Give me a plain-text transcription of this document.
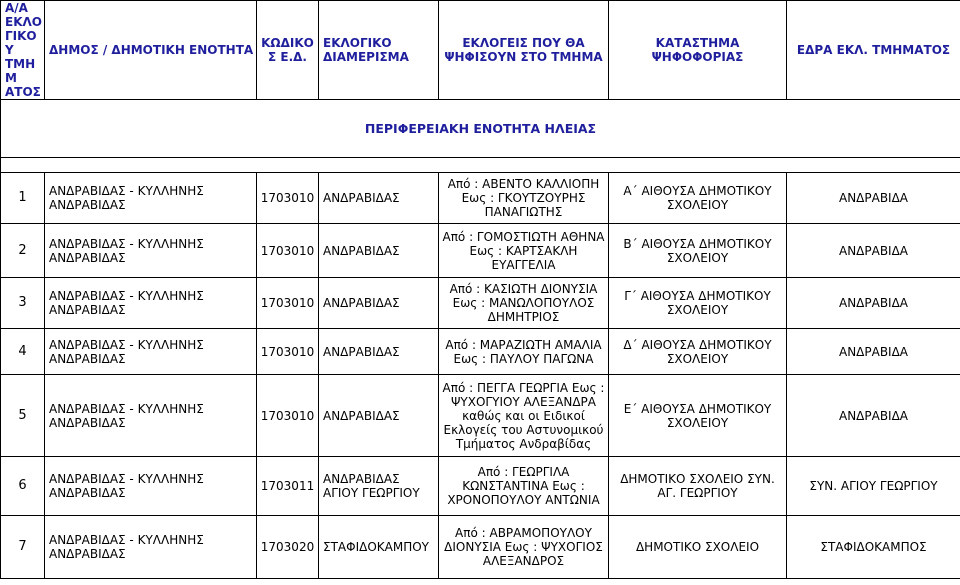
Α/Α ΕΚΛΟ ΓΙΚΟΥ ΤΜΗΜ ΑΤΟΣ	ΔΗΜΟΣ / ΔΗΜΟΤΙΚΗ ΕΝΟΤΗΤΑ	ΚΩΔΙΚΟ Σ Ε.Δ.	ΕΚΛΟΓΙΚΟ ΔΙΑΜΕΡΙΣΜΑ	ΕΚΛΟΓΕΙΣ ΠΟΥ ΘΑ ΨΗΦΙΣΟΥΝ ΣΤΟ ΤΜΗΜΑ	ΚΑΤΑΣΤΗΜΑ ΨΗΦΟΦΟΡΙΑΣ	ΕΔΡΑ ΕΚΛ. ΤΜΗΜΑΤΟΣ
ΠΕΡΙΦΕΡΕΙΑΚΗ ΕΝΟΤΗΤΑ ΗΛΕΙΑΣ						

1	ΑΝΔΡΑΒΙΔΑΣ - ΚΥΛΛΗΝΗΣ ΑΝΔΡΑΒΙΔΑΣ	1703010	ΑΝΔΡΑΒΙΔΑΣ	Από : ΑΒΕΝΤΟ ΚΑΛΛΙΟΠΗ Εως : ΓΚΟΥΤΖΟΥΡΗΣ ΠΑΝΑΓΙΩΤΗΣ	Α΄ ΑΙΘΟΥΣΑ ΔΗΜΟΤΙΚΟΥ ΣΧΟΛΕΙΟΥ	ΑΝΔΡΑΒΙΔΑ
2	ΑΝΔΡΑΒΙΔΑΣ - ΚΥΛΛΗΝΗΣ ΑΝΔΡΑΒΙΔΑΣ	1703010	ΑΝΔΡΑΒΙΔΑΣ	Από : ΓΟΜΟΣΤΙΩΤΗ ΑΘΗΝΑ Εως : ΚΑΡΤΣΑΚΛΗ ΕΥΑΓΓΕΛΙΑ	Β΄ ΑΙΘΟΥΣΑ ΔΗΜΟΤΙΚΟΥ ΣΧΟΛΕΙΟΥ	ΑΝΔΡΑΒΙΔΑ
3	ΑΝΔΡΑΒΙΔΑΣ - ΚΥΛΛΗΝΗΣ ΑΝΔΡΑΒΙΔΑΣ	1703010	ΑΝΔΡΑΒΙΔΑΣ	Από : ΚΑΣΙΩΤΗ ΔΙΟΝΥΣΙΑ Εως : ΜΑΝΩΛΟΠΟΥΛΟΣ ΔΗΜΗΤΡΙΟΣ	Γ΄ ΑΙΘΟΥΣΑ ΔΗΜΟΤΙΚΟΥ ΣΧΟΛΕΙΟΥ	ΑΝΔΡΑΒΙΔΑ
4	ΑΝΔΡΑΒΙΔΑΣ - ΚΥΛΛΗΝΗΣ ΑΝΔΡΑΒΙΔΑΣ	1703010	ΑΝΔΡΑΒΙΔΑΣ	Από : ΜΑΡΑΖΙΩΤΗ ΑΜΑΛΙΑ Εως : ΠΑΥΛΟΥ ΠΑΓΩΝΑ	Δ΄ ΑΙΘΟΥΣΑ ΔΗΜΟΤΙΚΟΥ ΣΧΟΛΕΙΟΥ	ΑΝΔΡΑΒΙΔΑ
5	ΑΝΔΡΑΒΙΔΑΣ - ΚΥΛΛΗΝΗΣ ΑΝΔΡΑΒΙΔΑΣ	1703010	ΑΝΔΡΑΒΙΔΑΣ	Από : ΠΕΓΓΑ ΓΕΩΡΓΙΑ Εως : ΨΥΧΟΓΥΙΟΥ ΑΛΕΞΑΝΔΡΑ καθώς και οι Ειδικοί Εκλογείς του Αστυνομικού Τμήματος Ανδραβίδας	Ε΄ ΑΙΘΟΥΣΑ ΔΗΜΟΤΙΚΟΥ ΣΧΟΛΕΙΟΥ	ΑΝΔΡΑΒΙΔΑ
6	ΑΝΔΡΑΒΙΔΑΣ - ΚΥΛΛΗΝΗΣ ΑΝΔΡΑΒΙΔΑΣ	1703011	ΑΝΔΡΑΒΙΔΑΣ ΑΓΙΟΥ ΓΕΩΡΓΙΟΥ	Από : ΓΕΩΡΓΙΛΑ ΚΩΝΣΤΑΝΤΙΝΑ Εως : ΧΡΟΝΟΠΟΥΛΟΥ ΑΝΤΩΝΙΑ	ΔΗΜΟΤΙΚΟ ΣΧΟΛΕΙΟ ΣΥΝ. ΑΓ. ΓΕΩΡΓΙΟΥ	ΣΥΝ. ΑΓΙΟΥ ΓΕΩΡΓΙΟΥ
7	ΑΝΔΡΑΒΙΔΑΣ - ΚΥΛΛΗΝΗΣ ΑΝΔΡΑΒΙΔΑΣ	1703020	ΣΤΑΦΙΔΟΚΑΜΠΟΥ	Από : ΑΒΡΑΜΟΠΟΥΛΟΥ ΔΙΟΝΥΣΙΑ Εως : ΨΥΧΟΓΙΟΣ ΑΛΕΞΑΝΔΡΟΣ	ΔΗΜΟΤΙΚΟ ΣΧΟΛΕΙΟ	ΣΤΑΦΙΔΟΚΑΜΠΟΣ
